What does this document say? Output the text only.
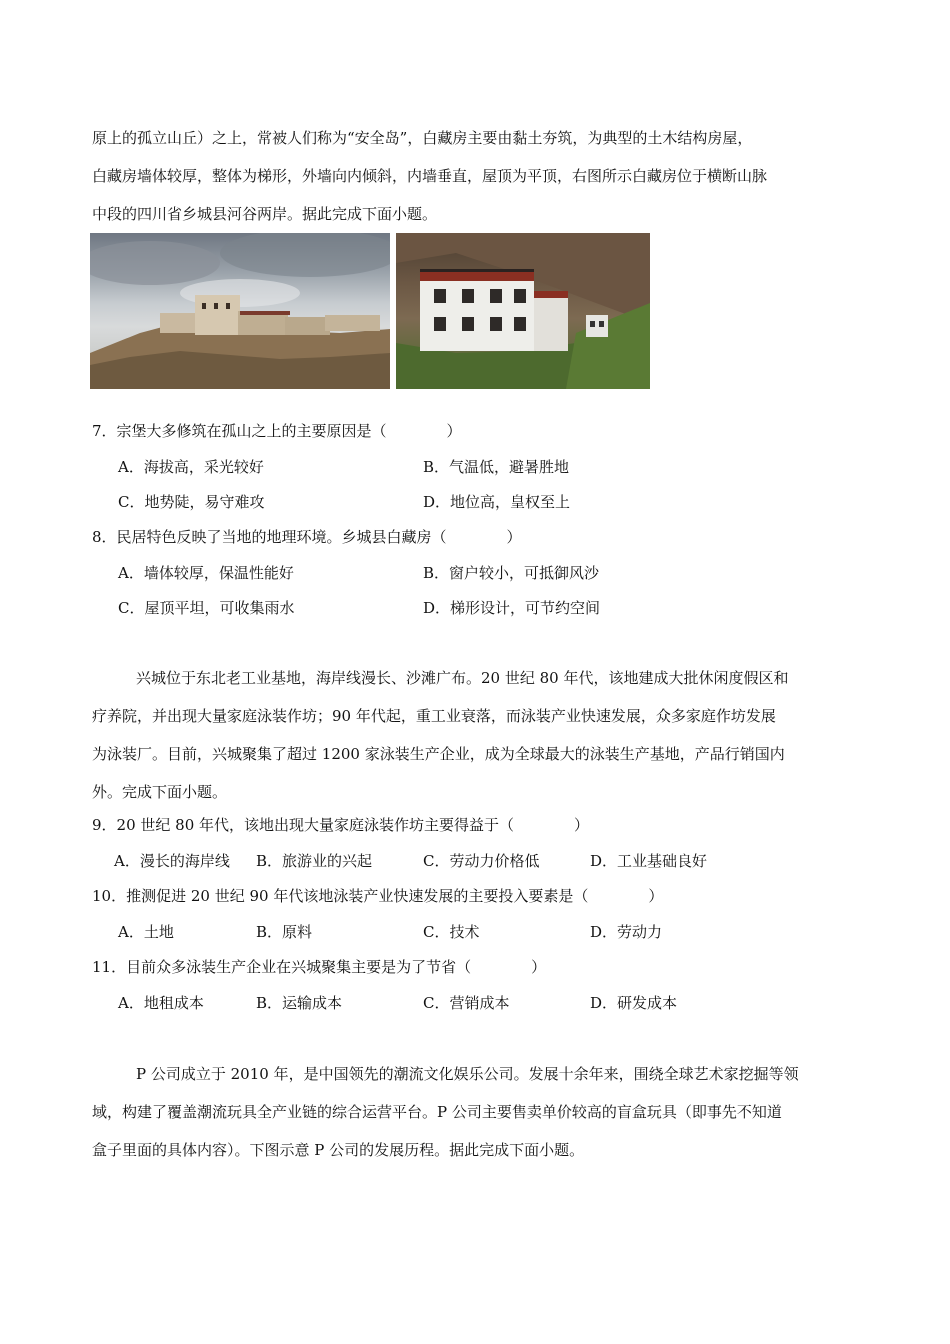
原上的孤立山丘）之上，常被人们称为“安全岛”，白藏房主要由黏土夯筑，为典型的土木结构房屋，
白藏房墙体较厚，整体为梯形，外墙向内倾斜，内墙垂直，屋顶为平顶，右图所示白藏房位于横断山脉
中段的四川省乡城县河谷两岸。据此完成下面小题。
7．宗堡大多修筑在孤山之上的主要原因是（　　　　）
A．海拔高，采光较好	B．气温低，避暑胜地
C．地势陡，易守难攻	D．地位高，皇权至上
8．民居特色反映了当地的地理环境。乡城县白藏房（　　　　）
A．墙体较厚，保温性能好	B．窗户较小，可抵御风沙
C．屋顶平坦，可收集雨水	D．梯形设计，可节约空间
兴城位于东北老工业基地，海岸线漫长、沙滩广布。20 世纪 80 年代，该地建成大批休闲度假区和
疗养院，并出现大量家庭泳装作坊；90 年代起，重工业衰落，而泳装产业快速发展，众多家庭作坊发展
为泳装厂。目前，兴城聚集了超过 1200 家泳装生产企业，成为全球最大的泳装生产基地，产品行销国内
外。完成下面小题。
9．20 世纪 80 年代，该地出现大量家庭泳装作坊主要得益于（　　　　）
A．漫长的海岸线 B．旅游业的兴起	C．劳动力价格低	D．工业基础良好
10．推测促进 20 世纪 90 年代该地泳装产业快速发展的主要投入要素是（　　　　）
A．土地	B．原料	C．技术	D．劳动力
11．目前众多泳装生产企业在兴城聚集主要是为了节省（　　　　）
A．地租成本	B．运输成本	C．营销成本	D．研发成本
P 公司成立于 2010 年，是中国领先的潮流文化娱乐公司。发展十余年来，围绕全球艺术家挖掘等领
域，构建了覆盖潮流玩具全产业链的综合运营平台。P 公司主要售卖单价较高的盲盒玩具（即事先不知道
盒子里面的具体内容）。下图示意 P 公司的发展历程。据此完成下面小题。
